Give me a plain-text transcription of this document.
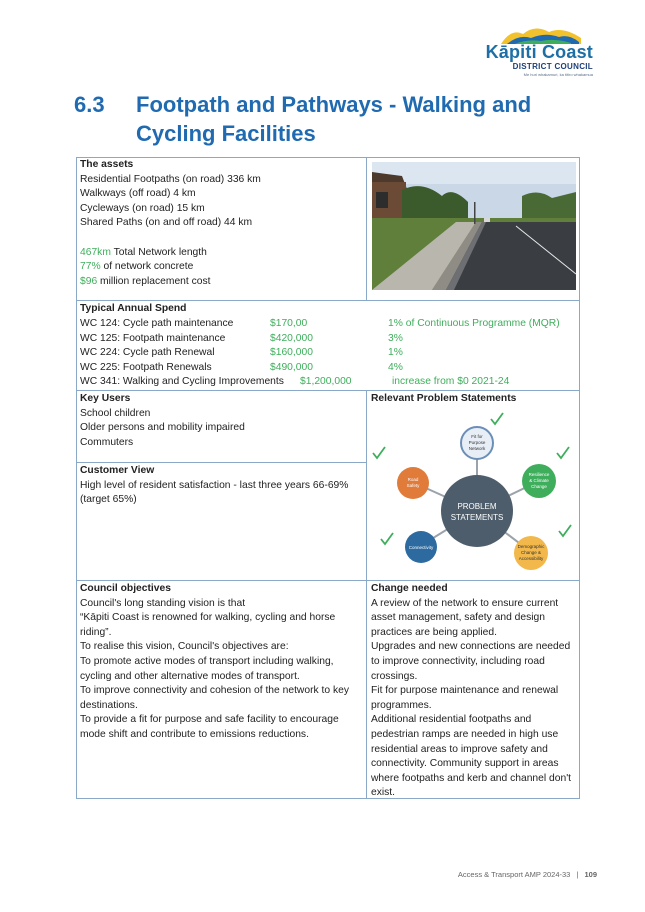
Kāpiti Coast
DISTRICT COUNCIL
Me huri whakamuri, ka titiro whakamua
6.3 Footpath and Pathways - Walking and Cycling Facilities
The assets
Residential Footpaths (on road) 336 km
Walkways (off road) 4 km
Cycleways (on road) 15 km
Shared Paths (on and off road) 44 km
467km Total Network length
77% of network concrete
$96 million replacement cost
Typical Annual Spend
WC 124: Cycle path maintenance	$170,00	1% of Continuous Programme (MQR)
WC 125: Footpath maintenance	$420,000	3%
WC 224: Cycle path Renewal	$160,000	1%
WC 225: Footpath Renewals	$490,000	4%
WC 341: Walking and Cycling Improvements $1,200,000	increase from $0 2021-24
Key Users
School children
Older persons and mobility impaired
Commuters
Customer View
High level of resident satisfaction - last three years 66-69% (target 65%)
Relevant Problem Statements
PROBLEM
STATEMENTS
Fit for
Purpose
Network
Road
Safety
Resilience
& Climate
Change
Connectivity	Demographic
Change &
Accessibility
Council objectives
Council's long standing vision is that
“Kāpiti Coast is renowned for walking, cycling and horse riding”.
To realise this vision, Council's objectives are:
To promote active modes of transport including walking, cycling and other alternative modes of transport.
To improve connectivity and cohesion of the network to key destinations.
To provide a fit for purpose and safe facility to encourage mode shift and contribute to emissions reductions.
Change needed
A review of the network to ensure current asset management, safety and design practices are being applied.
Upgrades and new connections are needed to improve connectivity, including road crossings.
Fit for purpose maintenance and renewal programmes.
Additional residential footpaths and pedestrian ramps are needed in high use residential areas to improve safety and connectivity. Community support in areas where footpaths and kerb and channel don't exist.
Access & Transport AMP 2024-33 | 109
